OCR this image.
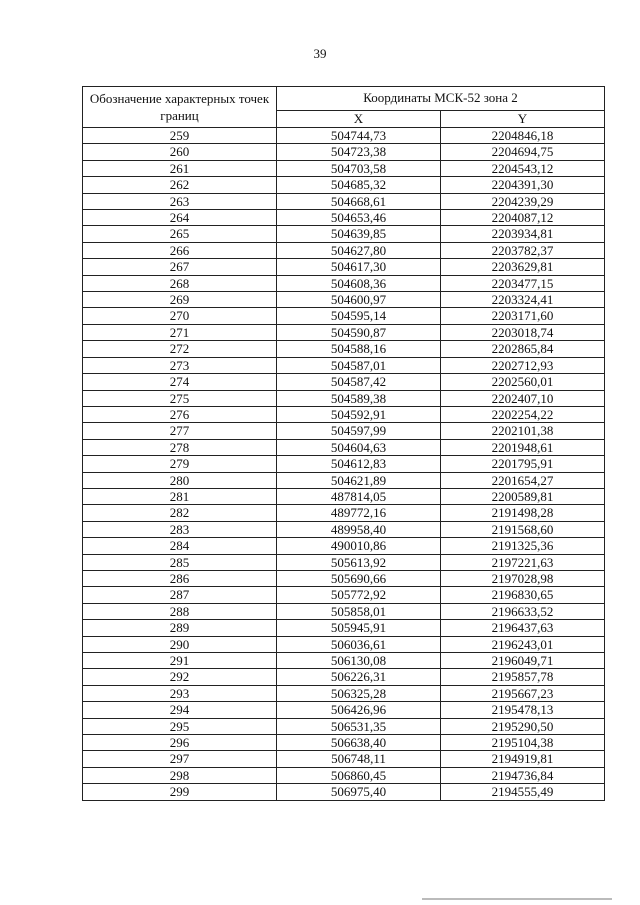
39
Обозначение характерных точек границ	Координаты МСК-52 зона 2	
	X	Y
259	504744,73	2204846,18
260	504723,38	2204694,75
261	504703,58	2204543,12
262	504685,32	2204391,30
263	504668,61	2204239,29
264	504653,46	2204087,12
265	504639,85	2203934,81
266	504627,80	2203782,37
267	504617,30	2203629,81
268	504608,36	2203477,15
269	504600,97	2203324,41
270	504595,14	2203171,60
271	504590,87	2203018,74
272	504588,16	2202865,84
273	504587,01	2202712,93
274	504587,42	2202560,01
275	504589,38	2202407,10
276	504592,91	2202254,22
277	504597,99	2202101,38
278	504604,63	2201948,61
279	504612,83	2201795,91
280	504621,89	2201654,27
281	487814,05	2200589,81
282	489772,16	2191498,28
283	489958,40	2191568,60
284	490010,86	2191325,36
285	505613,92	2197221,63
286	505690,66	2197028,98
287	505772,92	2196830,65
288	505858,01	2196633,52
289	505945,91	2196437,63
290	506036,61	2196243,01
291	506130,08	2196049,71
292	506226,31	2195857,78
293	506325,28	2195667,23
294	506426,96	2195478,13
295	506531,35	2195290,50
296	506638,40	2195104,38
297	506748,11	2194919,81
298	506860,45	2194736,84
299	506975,40	2194555,49
